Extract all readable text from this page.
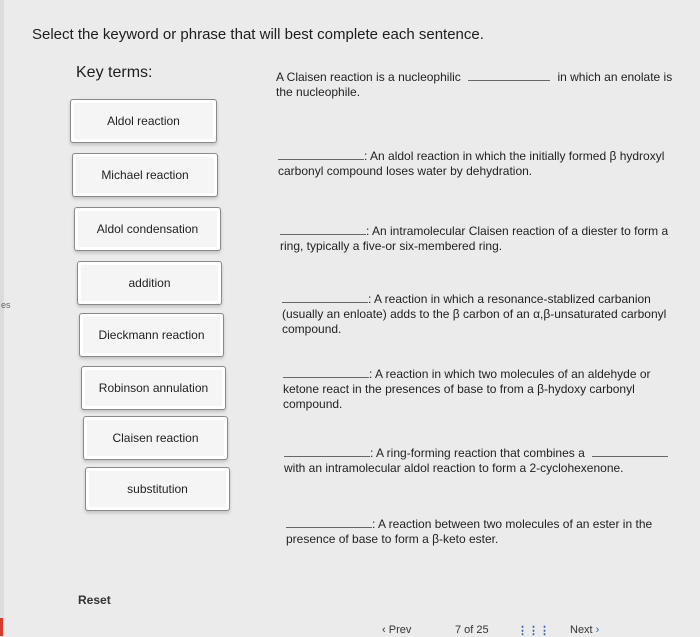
es
Select the keyword or phrase that will best complete each sentence.
Key terms:
Aldol reaction
Michael reaction
Aldol condensation
addition
Dieckmann reaction
Robinson annulation
Claisen reaction
substitution
A Claisen reaction is a nucleophilic	in which an enolate is
the nucleophile.
: An aldol reaction in which the initially formed β hydroxyl
carbonyl compound loses water by dehydration.
: An intramolecular Claisen reaction of a diester to form a
ring, typically a five-or six-membered ring.
: A reaction in which a resonance-stablized carbanion
(usually an enloate) adds to the β carbon of an α,β-unsaturated carbonyl
compound.
: A reaction in which two molecules of an aldehyde or
ketone react in the presences of base to from a β-hydoxy carbonyl
compound.
: A ring-forming reaction that combines a
with an intramolecular aldol reaction to form a 2-cyclohexenone.
: A reaction between two molecules of an ester in the
presence of base to form a β-keto ester.
Reset
‹ Prev	7 of 25	⋮⋮⋮ Next ›
